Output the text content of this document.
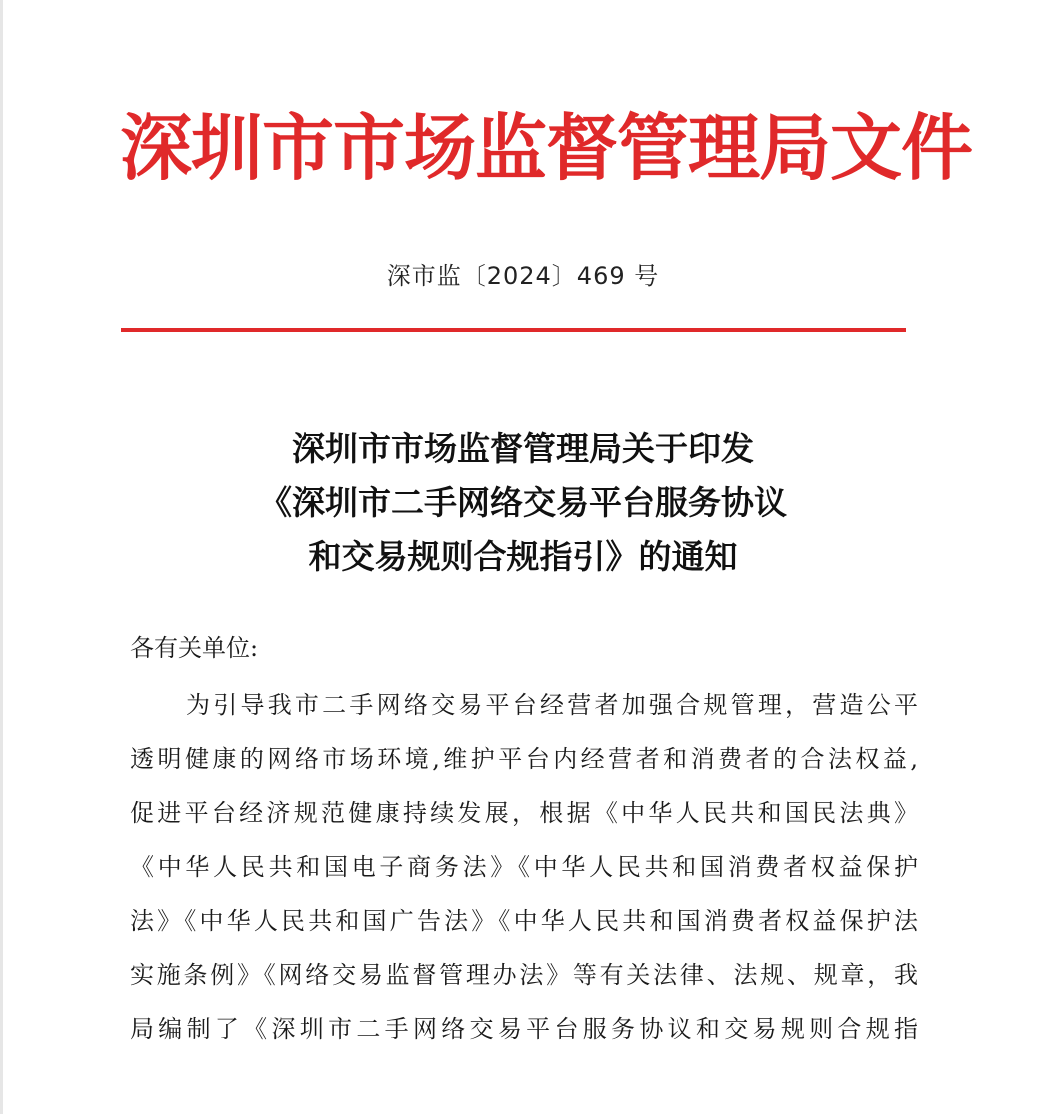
深圳市市场监督管理局文件
深市监〔2024〕469 号
深圳市市场监督管理局关于印发
《深圳市二手网络交易平台服务协议
和交易规则合规指引》的通知
各有关单位:
为引导我市二手网络交易平台经营者加强合规管理，营造公平
透明健康的网络市场环境,维护平台内经营者和消费者的合法权益,
促进平台经济规范健康持续发展，根据《中华人民共和国民法典》
《中华人民共和国电子商务法》《中华人民共和国消费者权益保护
法》《中华人民共和国广告法》《中华人民共和国消费者权益保护法
实施条例》《网络交易监督管理办法》等有关法律、法规、规章，我
局编制了《深圳市二手网络交易平台服务协议和交易规则合规指
